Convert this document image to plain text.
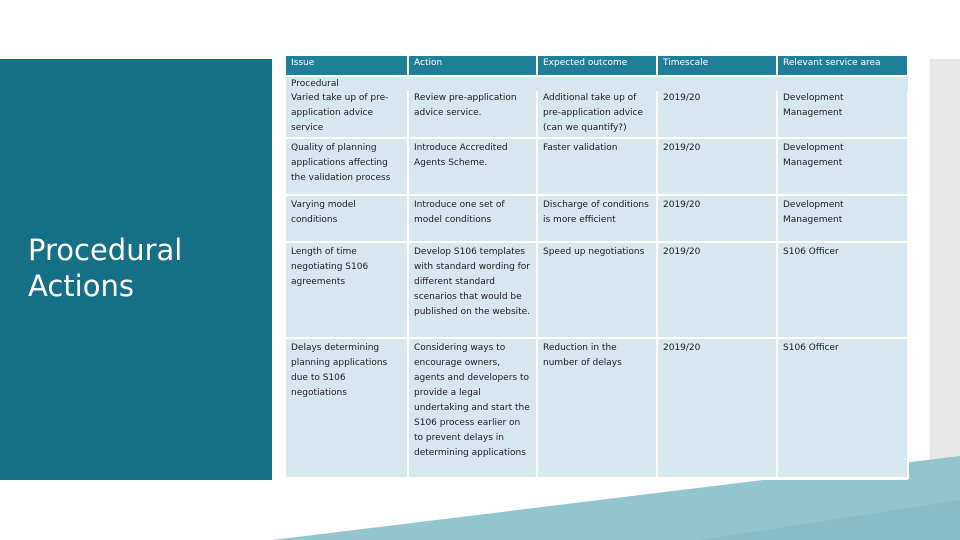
Procedural Actions
Issue	Action	Expected outcome	Timescale	Relevant service area
Procedural				
Varied take up of pre-application advice service	Review pre-application advice service.	Additional take up of pre-application advice (can we quantify?)	2019/20	Development Management
Quality of planning applications affecting the validation process	Introduce Accredited Agents Scheme.	Faster validation	2019/20	Development Management
Varying model conditions	Introduce one set of model conditions	Discharge of conditions is more efficient	2019/20	Development Management
Length of time negotiating S106 agreements	Develop S106 templates with standard wording for different standard scenarios that would be published on the website.	Speed up negotiations	2019/20	S106 Officer
Delays determining planning applications due to S106 negotiations	Considering ways to encourage owners, agents and developers to provide a legal undertaking and start the S106 process earlier on to prevent delays in determining applications	Reduction in the number of delays	2019/20	S106 Officer
